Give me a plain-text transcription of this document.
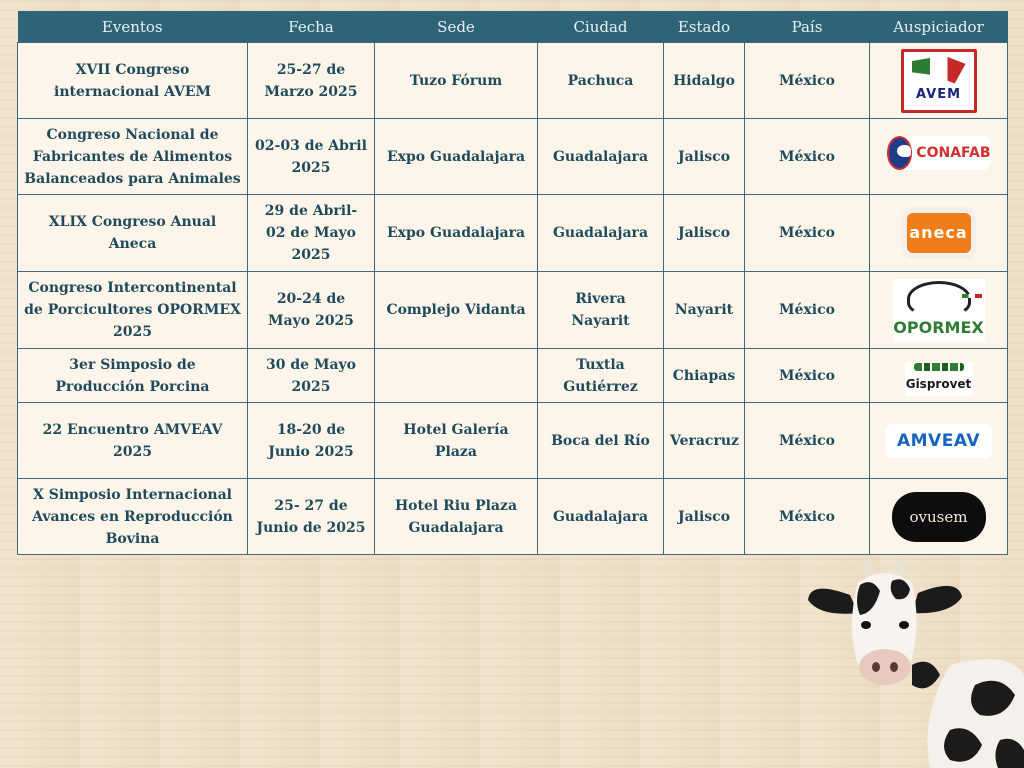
Eventos	Fecha	Sede	Ciudad	Estado	País	Auspiciador
XVII Congreso internacional AVEM	25-27 de Marzo 2025	Tuzo Fórum	Pachuca	Hidalgo	México	AVEM

Congreso Nacional de Fabricantes de Alimentos Balanceados para Animales	02-03 de Abril 2025	Expo Guadalajara	Guadalajara	Jalisco	México	CONAFAB

XLIX Congreso Anual Aneca	29 de Abril- 02 de Mayo 2025	Expo Guadalajara	Guadalajara	Jalisco	México	aneca

Congreso Intercontinental de Porcicultores OPORMEX 2025	20-24 de Mayo 2025	Complejo Vidanta	Rivera Nayarit	Nayarit	México	OPORMEX

3er Simposio de Producción Porcina	30 de Mayo 2025		Tuxtla Gutiérrez	Chiapas	México	Gisprovet

22 Encuentro AMVEAV 2025	18-20 de Junio 2025	Hotel Galería Plaza	Boca del Río	Veracruz	México	AMVEAV

X Simposio Internacional Avances en Reproducción Bovina	25- 27 de Junio de 2025	Hotel Riu Plaza Guadalajara	Guadalajara	Jalisco	México	ovusem
